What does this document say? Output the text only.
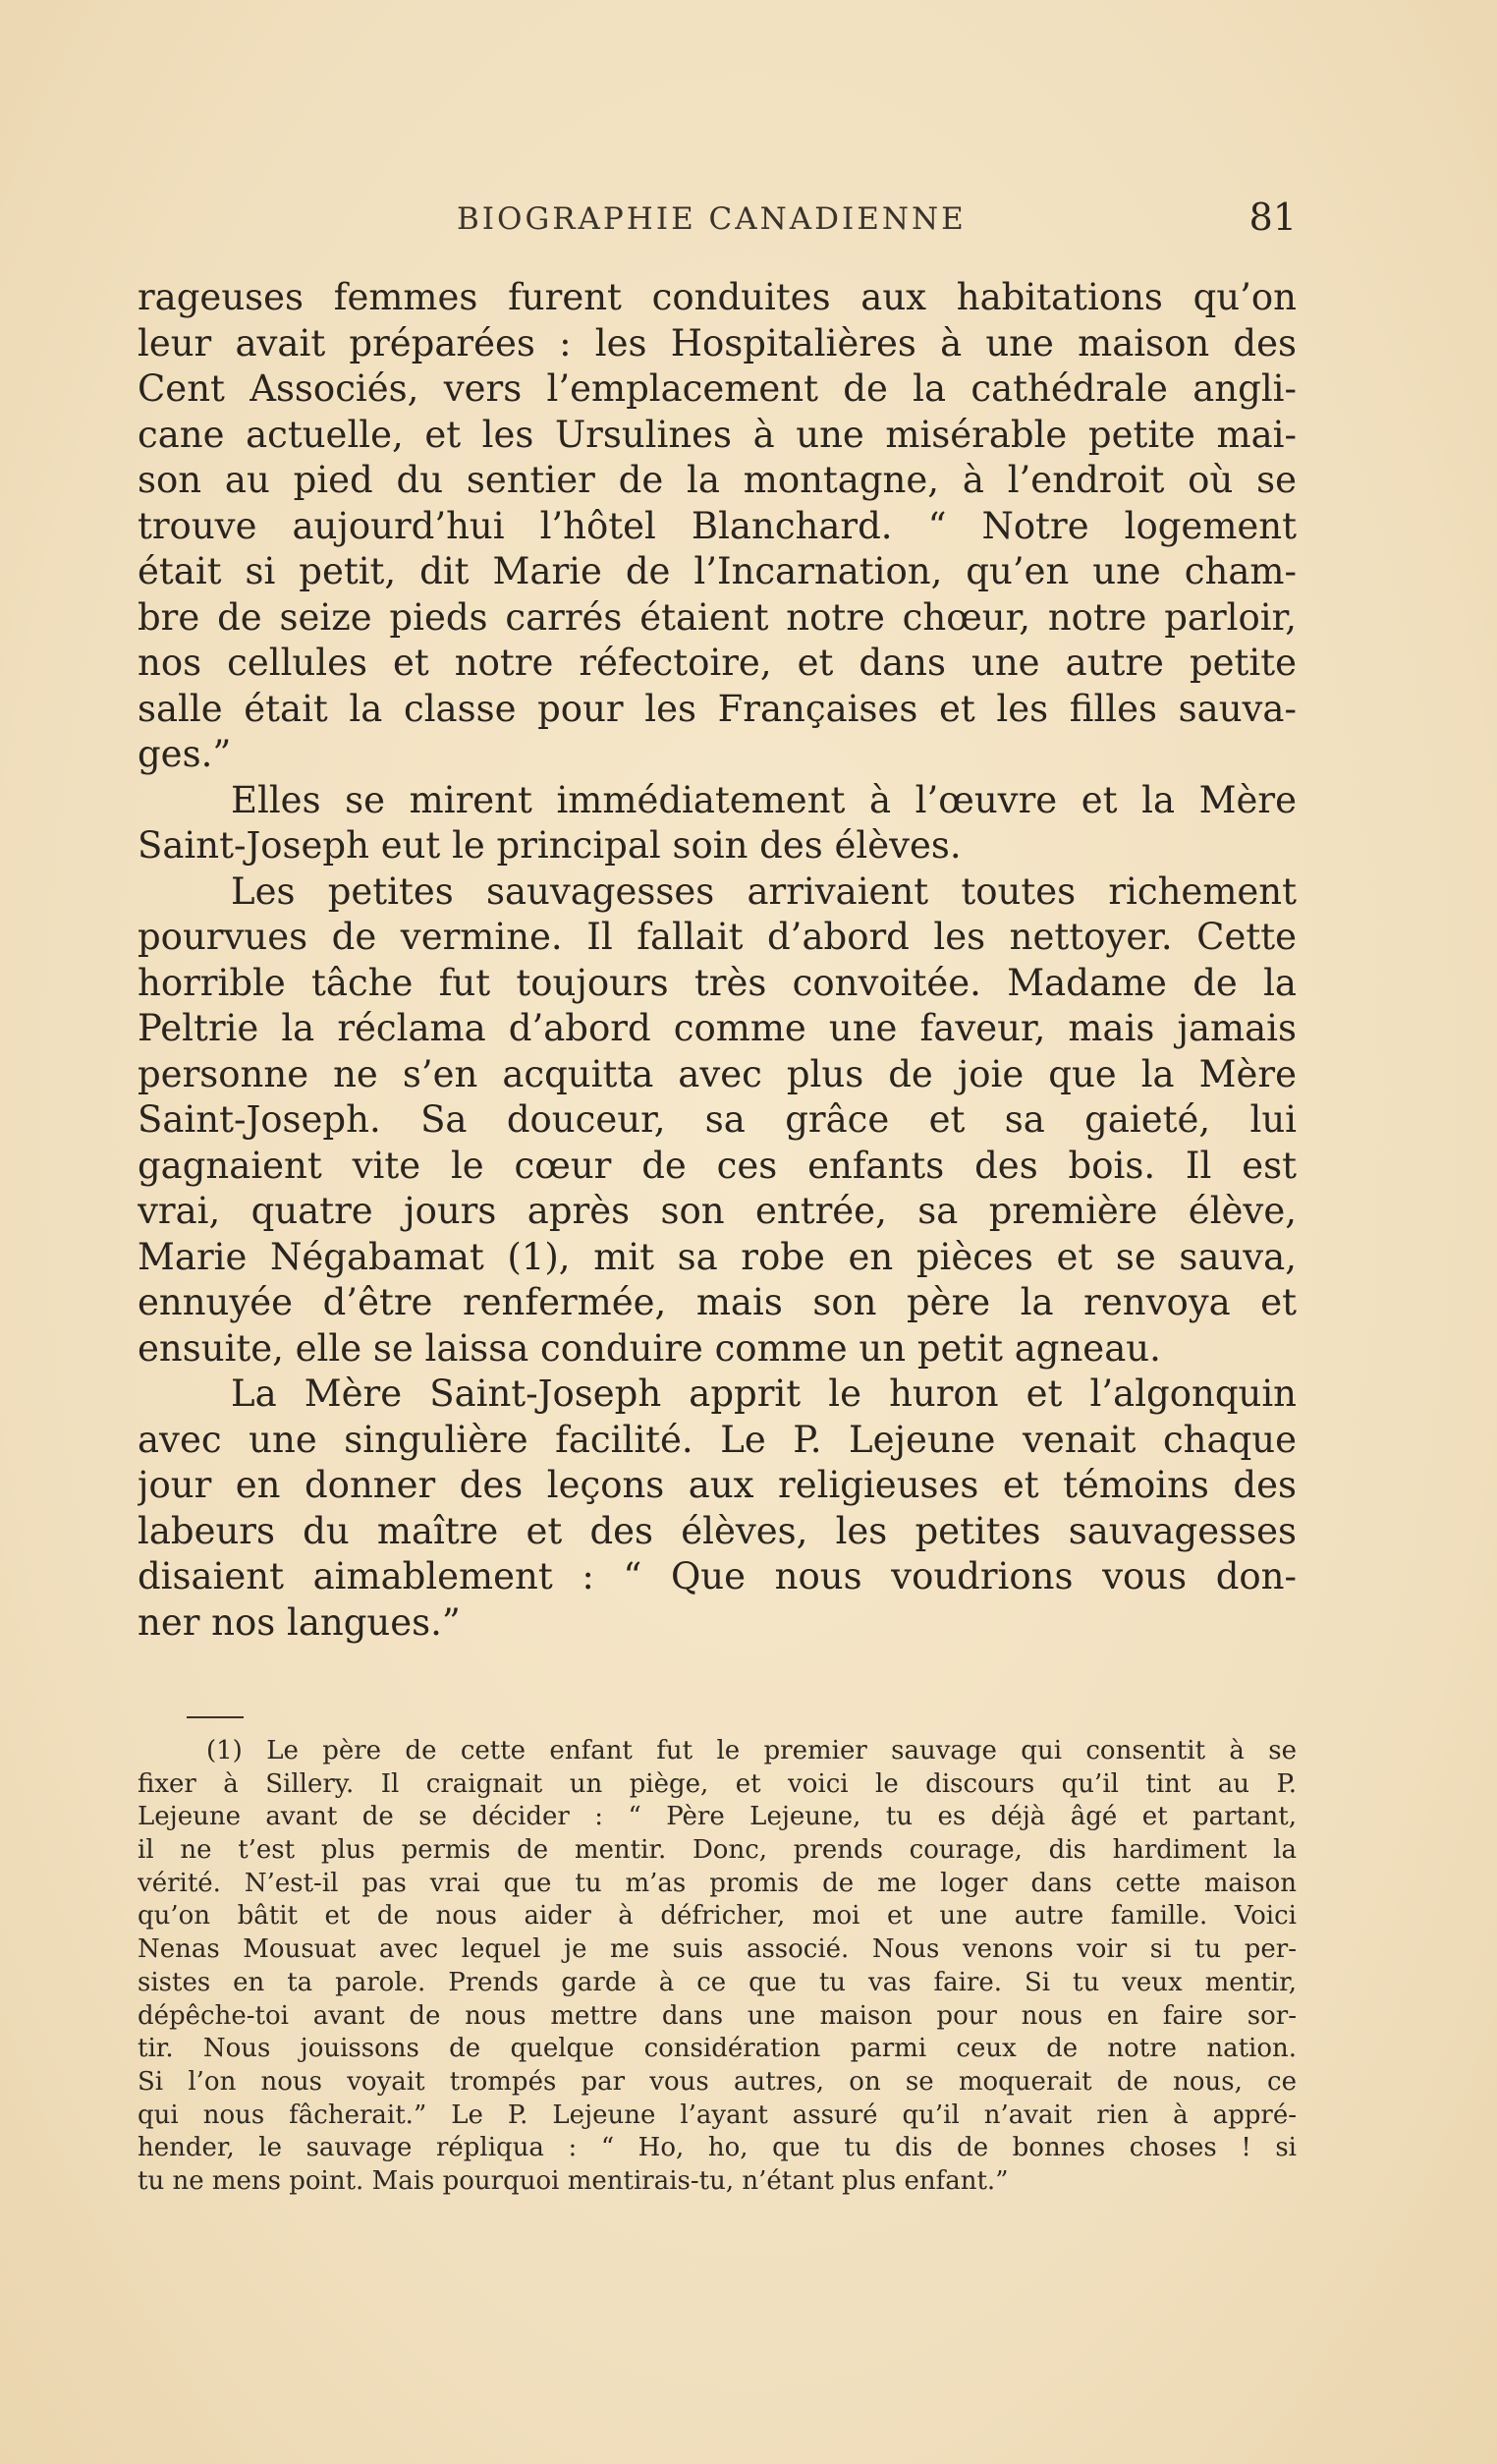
BIOGRAPHIE CANADIENNE	81
rageuses femmes furent conduites aux habitations qu’on
leur avait préparées : les Hospitalières à une maison des
Cent Associés, vers l’emplacement de la cathédrale angli-
cane actuelle, et les Ursulines à une misérable petite mai-
son au pied du sentier de la montagne, à l’endroit où se
trouve aujourd’hui l’hôtel Blanchard. “ Notre logement
était si petit, dit Marie de l’Incarnation, qu’en une cham-
bre de seize pieds carrés étaient notre chœur, notre parloir,
nos cellules et notre réfectoire, et dans une autre petite
salle était la classe pour les Françaises et les filles sauva-
ges.”
Elles se mirent immédiatement à l’œuvre et la Mère
Saint-Joseph eut le principal soin des élèves.
Les petites sauvagesses arrivaient toutes richement
pourvues de vermine. Il fallait d’abord les nettoyer. Cette
horrible tâche fut toujours très convoitée. Madame de la
Peltrie la réclama d’abord comme une faveur, mais jamais
personne ne s’en acquitta avec plus de joie que la Mère
Saint-Joseph. Sa douceur, sa grâce et sa gaieté, lui
gagnaient vite le cœur de ces enfants des bois. Il est
vrai, quatre jours après son entrée, sa première élève,
Marie Négabamat (1), mit sa robe en pièces et se sauva,
ennuyée d’être renfermée, mais son père la renvoya et
ensuite, elle se laissa conduire comme un petit agneau.
La Mère Saint-Joseph apprit le huron et l’algonquin
avec une singulière facilité. Le P. Lejeune venait chaque
jour en donner des leçons aux religieuses et témoins des
labeurs du maître et des élèves, les petites sauvagesses
disaient aimablement : “ Que nous voudrions vous don-
ner nos langues.”
(1) Le père de cette enfant fut le premier sauvage qui consentit à se
fixer à Sillery. Il craignait un piège, et voici le discours qu’il tint au P.
Lejeune avant de se décider : “ Père Lejeune, tu es déjà âgé et partant,
il ne t’est plus permis de mentir. Donc, prends courage, dis hardiment la
vérité. N’est-il pas vrai que tu m’as promis de me loger dans cette maison
qu’on bâtit et de nous aider à défricher, moi et une autre famille. Voici
Nenas Mousuat avec lequel je me suis associé. Nous venons voir si tu per-
sistes en ta parole. Prends garde à ce que tu vas faire. Si tu veux mentir,
dépêche-toi avant de nous mettre dans une maison pour nous en faire sor-
tir. Nous jouissons de quelque considération parmi ceux de notre nation.
Si l’on nous voyait trompés par vous autres, on se moquerait de nous, ce
qui nous fâcherait.” Le P. Lejeune l’ayant assuré qu’il n’avait rien à appré-
hender, le sauvage répliqua : “ Ho, ho, que tu dis de bonnes choses ! si
tu ne mens point. Mais pourquoi mentirais-tu, n’étant plus enfant.”
